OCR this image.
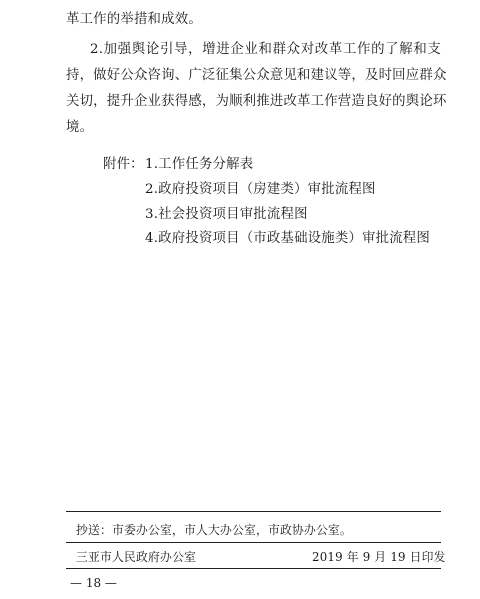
革工作的举措和成效。
2.加强舆论引导，增进企业和群众对改革工作的了解和支
持，做好公众咨询、广泛征集公众意见和建议等，及时回应群众
关切，提升企业获得感，为顺利推进改革工作营造良好的舆论环
境。
附件： 1.工作任务分解表
2.政府投资项目（房建类）审批流程图
3.社会投资项目审批流程图
4.政府投资项目（市政基础设施类）审批流程图
抄送：市委办公室，市人大办公室，市政协办公室。
三亚市人民政府办公室	2019 年 9 月 19 日印发
— 18 —
